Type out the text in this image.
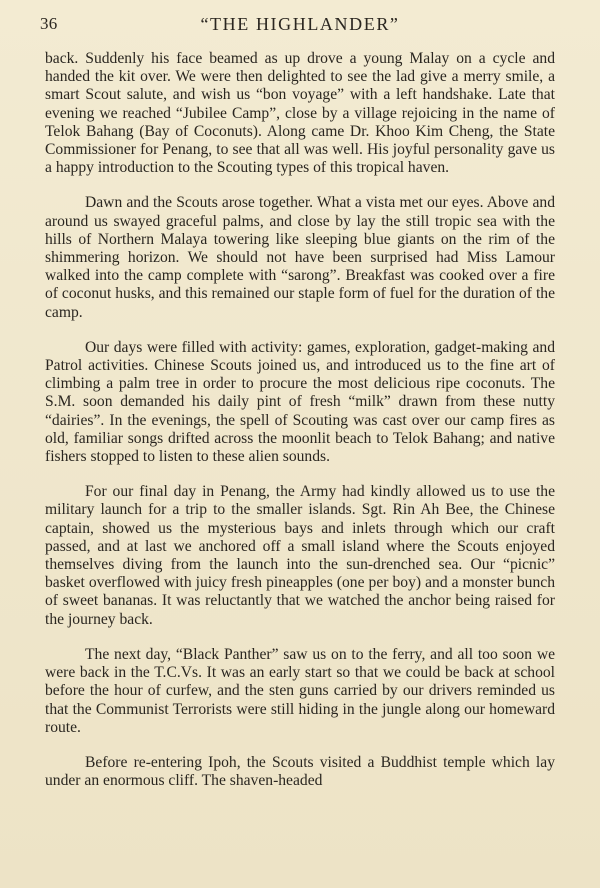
36	“THE HIGHLANDER”

back. Suddenly his face beamed as up drove a young Malay on a cycle and handed the kit over. We were then delighted to see the lad give a merry smile, a smart Scout salute, and wish us “bon voyage” with a left handshake. Late that evening we reached “Jubilee Camp”, close by a village rejoicing in the name of Telok Bahang (Bay of Coconuts). Along came Dr. Khoo Kim Cheng, the State Commissioner for Penang, to see that all was well. His joyful personality gave us a happy introduction to the Scouting types of this tropical haven.

Dawn and the Scouts arose together. What a vista met our eyes. Above and around us swayed graceful palms, and close by lay the still tropic sea with the hills of Northern Malaya towering like sleeping blue giants on the rim of the shimmering horizon. We should not have been surprised had Miss Lamour walked into the camp complete with “sarong”. Breakfast was cooked over a fire of coconut husks, and this remained our staple form of fuel for the duration of the camp.

Our days were filled with activity: games, exploration, gadget-making and Patrol activities. Chinese Scouts joined us, and introduced us to the fine art of climbing a palm tree in order to procure the most delicious ripe coconuts. The S.M. soon demanded his daily pint of fresh “milk” drawn from these nutty “dairies”. In the evenings, the spell of Scouting was cast over our camp fires as old, familiar songs drifted across the moonlit beach to Telok Bahang; and native fishers stopped to listen to these alien sounds.

For our final day in Penang, the Army had kindly allowed us to use the military launch for a trip to the smaller islands. Sgt. Rin Ah Bee, the Chinese captain, showed us the mysterious bays and inlets through which our craft passed, and at last we anchored off a small island where the Scouts enjoyed themselves diving from the launch into the sun-drenched sea. Our “picnic” basket overflowed with juicy fresh pineapples (one per boy) and a monster bunch of sweet bananas. It was reluctantly that we watched the anchor being raised for the journey back.

The next day, “Black Panther” saw us on to the ferry, and all too soon we were back in the T.C.Vs. It was an early start so that we could be back at school before the hour of curfew, and the sten guns carried by our drivers reminded us that the Communist Terrorists were still hiding in the jungle along our homeward route.

Before re-entering Ipoh, the Scouts visited a Buddhist temple which lay under an enormous cliff. The shaven-headed
